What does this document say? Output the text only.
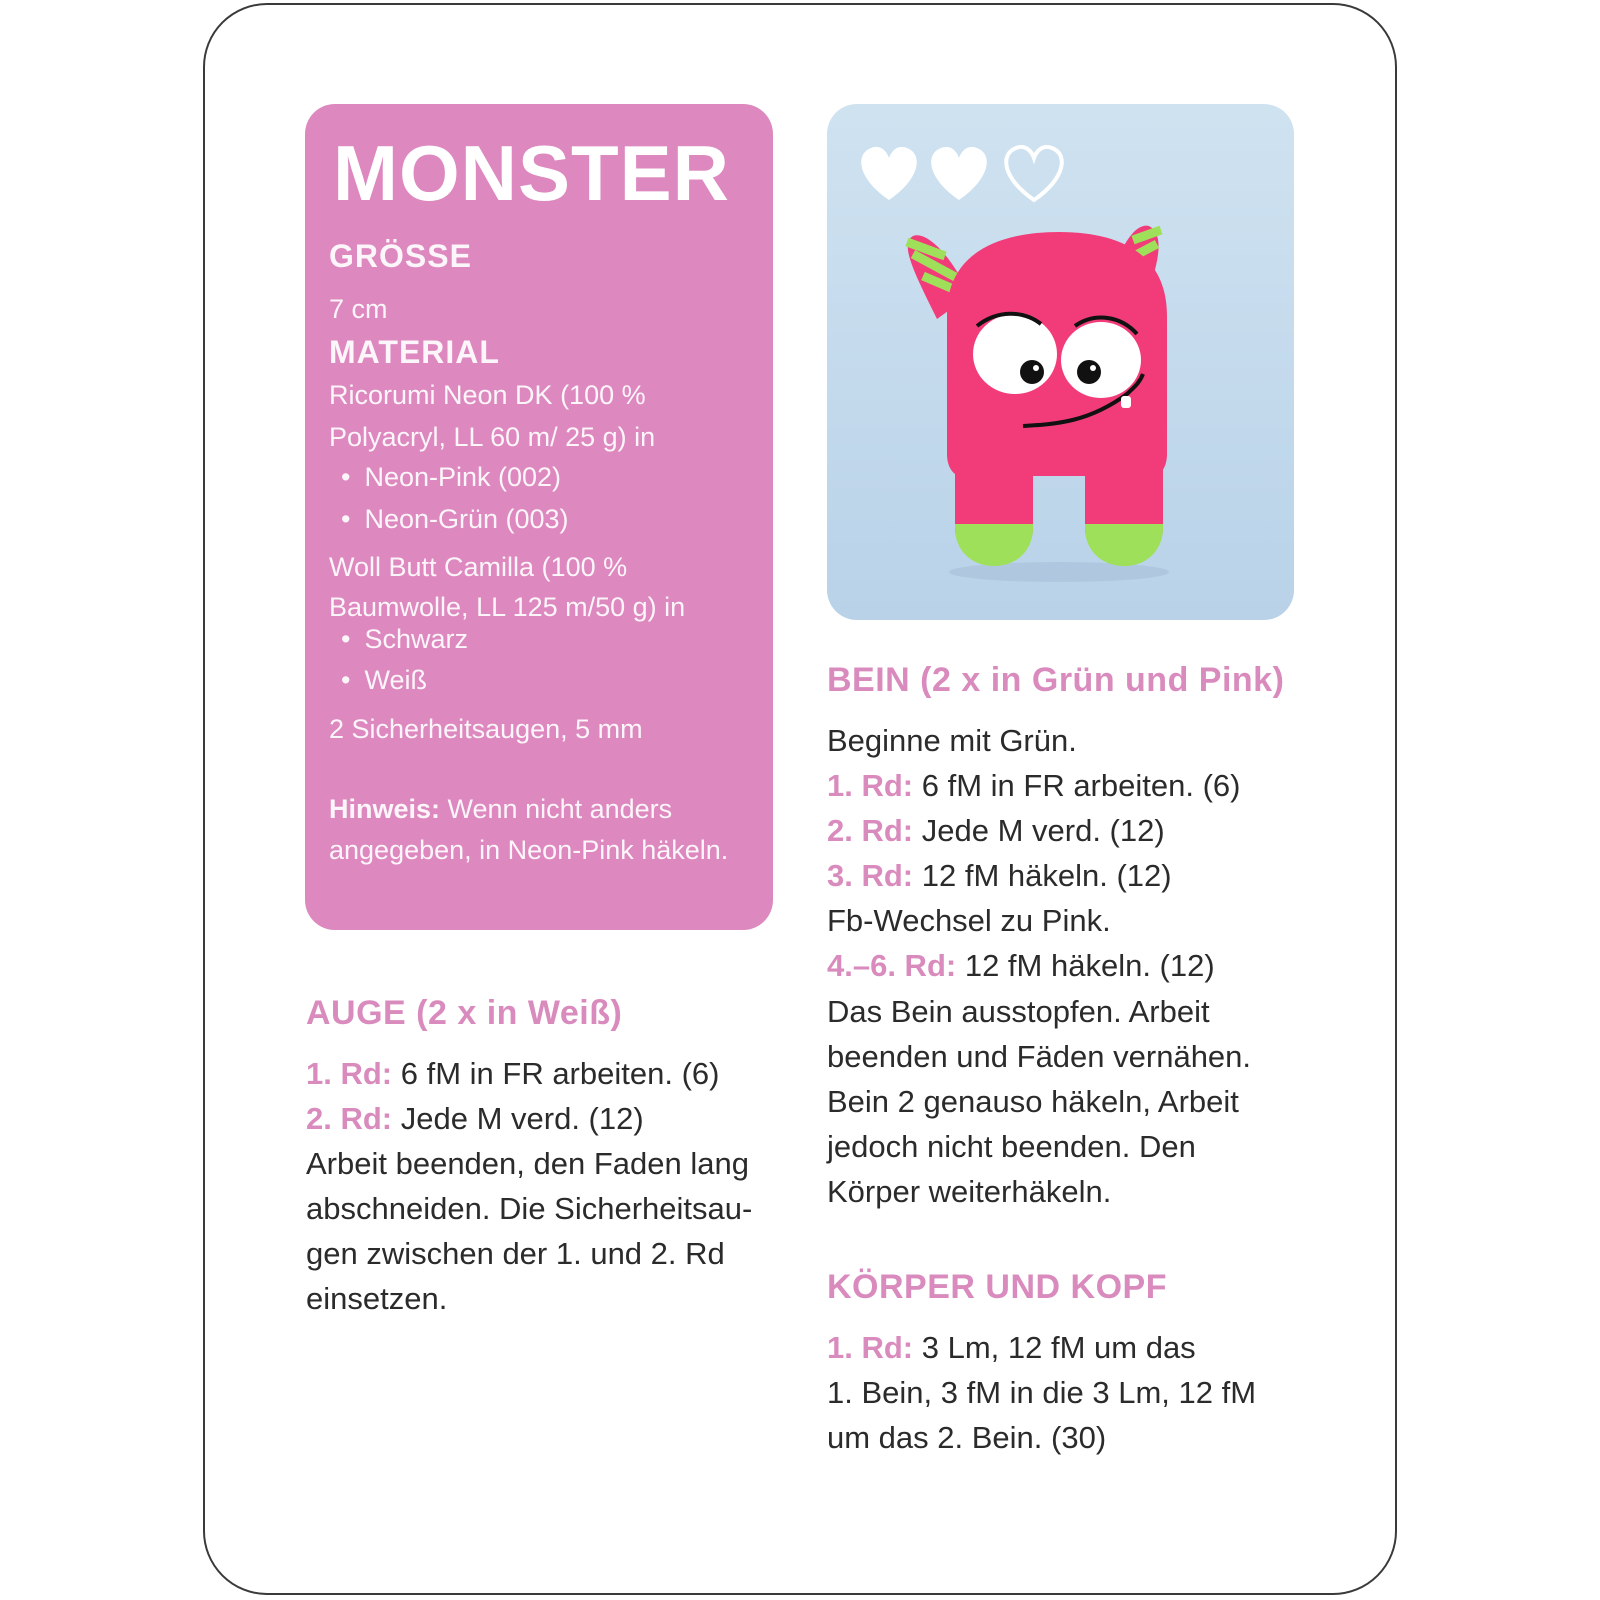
MONSTER
GRÖSSE
7 cm
MATERIAL
Ricorumi Neon DK (100 %
Polyacryl, LL 60 m/ 25 g) in
• Neon-Pink (002)
• Neon-Grün (003)
Woll Butt Camilla (100 %
Baumwolle, LL 125 m/50 g) in
• Schwarz
• Weiß
2 Sicherheitsaugen, 5 mm
Hinweis: Wenn nicht anders
angegeben, in Neon-Pink häkeln.
AUGE (2 x in Weiß)
1. Rd: 6 fM in FR arbeiten. (6)
2. Rd: Jede M verd. (12)
Arbeit beenden, den Faden lang
abschneiden. Die Sicherheitsau-
gen zwischen der 1. und 2. Rd
einsetzen.
BEIN (2 x in Grün und Pink)
Beginne mit Grün.
1. Rd: 6 fM in FR arbeiten. (6)
2. Rd: Jede M verd. (12)
3. Rd: 12 fM häkeln. (12)
Fb-Wechsel zu Pink.
4.–6. Rd: 12 fM häkeln. (12)
Das Bein ausstopfen. Arbeit
beenden und Fäden vernähen.
Bein 2 genauso häkeln, Arbeit
jedoch nicht beenden. Den
Körper weiterhäkeln.
KÖRPER UND KOPF
1. Rd: 3 Lm, 12 fM um das
1. Bein, 3 fM in die 3 Lm, 12 fM
um das 2. Bein. (30)
